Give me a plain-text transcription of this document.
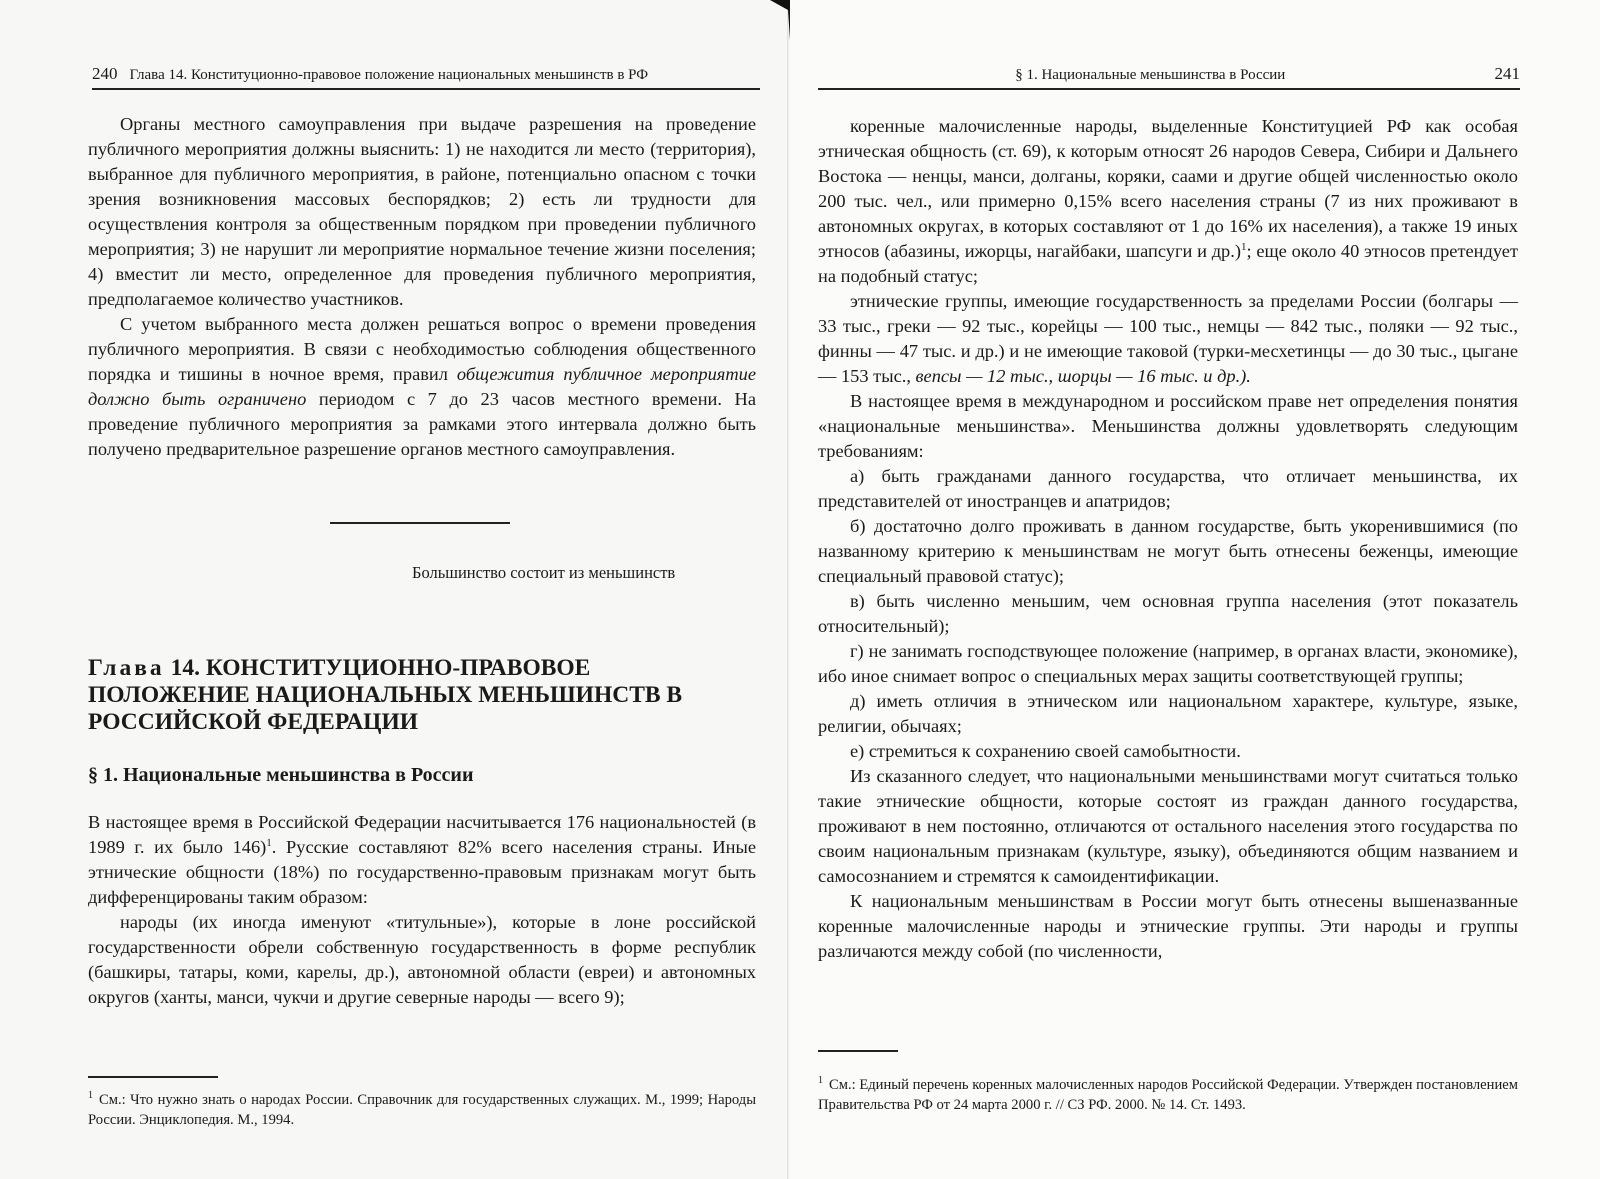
240 Глава 14. Конституционно-правовое положение национальных меньшинств в РФ

Органы местного самоуправления при выдаче разрешения на проведение публичного мероприятия должны выяснить: 1) не находится ли место (территория), выбранное для публичного мероприятия, в районе, потенциально опасном с точки зрения возникновения массовых беспорядков; 2) есть ли трудности для осуществления контроля за общественным порядком при проведении публичного мероприятия; 3) не нарушит ли мероприятие нормальное течение жизни поселения; 4) вместит ли место, определенное для проведения публичного мероприятия, предполагаемое количество участников.

С учетом выбранного места должен решаться вопрос о времени проведения публичного мероприятия. В связи с необходимостью соблюдения общественного порядка и тишины в ночное время, правил общежития публичное мероприятие должно быть ограничено периодом с 7 до 23 часов местного времени. На проведение публичного мероприятия за рамками этого интервала должно быть получено предварительное разрешение органов местного самоуправления.

Большинство состоит из меньшинств
Глава 14. КОНСТИТУЦИОННО-ПРАВОВОЕ ПОЛОЖЕНИЕ НАЦИОНАЛЬНЫХ МЕНЬШИНСТВ В РОССИЙСКОЙ ФЕДЕРАЦИИ
§ 1. Национальные меньшинства в России

В настоящее время в Российской Федерации насчитывается 176 национальностей (в 1989 г. их было 146)$^1$. Русские составляют 82% всего населения страны. Иные этнические общности (18%) по государственно-правовым признакам могут быть дифференцированы таким образом:

народы (их иногда именуют «титульные»), которые в лоне российской государственности обрели собственную государственность в форме республик (башкиры, татары, коми, карелы, др.), автономной области (евреи) и автономных округов (ханты, манси, чукчи и другие северные народы — всего 9);

$^1$ См.: Что нужно знать о народах России. Справочник для государственных служащих. М., 1999; Народы России. Энциклопедия. М., 1994.
§ 1. Национальные меньшинства в России	241

коренные малочисленные народы, выделенные Конституцией РФ как особая этническая общность (ст. 69), к которым относят 26 народов Севера, Сибири и Дальнего Востока — ненцы, манси, долганы, коряки, саами и другие общей численностью около 200 тыс. чел., или примерно 0,15% всего населения страны (7 из них проживают в автономных округах, в которых составляют от 1 до 16% их населения), а также 19 иных этносов (абазины, ижорцы, нагайбаки, шапсуги и др.)$^1$; еще около 40 этносов претендует на подобный статус;

этнические группы, имеющие государственность за пределами России (болгары — 33 тыс., греки — 92 тыс., корейцы — 100 тыс., немцы — 842 тыс., поляки — 92 тыс., финны — 47 тыс. и др.) и не имеющие таковой (турки-месхетинцы — до 30 тыс., цыгане — 153 тыс., вепсы — 12 тыс., шорцы — 16 тыс. и др.).

В настоящее время в международном и российском праве нет определения понятия «национальные меньшинства». Меньшинства должны удовлетворять следующим требованиям:

а) быть гражданами данного государства, что отличает меньшинства, их представителей от иностранцев и апатридов;

б) достаточно долго проживать в данном государстве, быть укоренившимися (по названному критерию к меньшинствам не могут быть отнесены беженцы, имеющие специальный правовой статус);

в) быть численно меньшим, чем основная группа населения (этот показатель относительный);

г) не занимать господствующее положение (например, в органах власти, экономике), ибо иное снимает вопрос о специальных мерах защиты соответствующей группы;

д) иметь отличия в этническом или национальном характере, культуре, языке, религии, обычаях;

е) стремиться к сохранению своей самобытности.

Из сказанного следует, что национальными меньшинствами могут считаться только такие этнические общности, которые состоят из граждан данного государства, проживают в нем постоянно, отличаются от остального населения этого государства по своим национальным признакам (культуре, языку), объединяются общим названием и самосознанием и стремятся к самоидентификации.

К национальным меньшинствам в России могут быть отнесены вышеназванные коренные малочисленные народы и этнические группы. Эти народы и группы различаются между собой (по численности,

$^1$ См.: Единый перечень коренных малочисленных народов Российской Федерации. Утвержден постановлением Правительства РФ от 24 марта 2000 г. // СЗ РФ. 2000. № 14. Ст. 1493.
